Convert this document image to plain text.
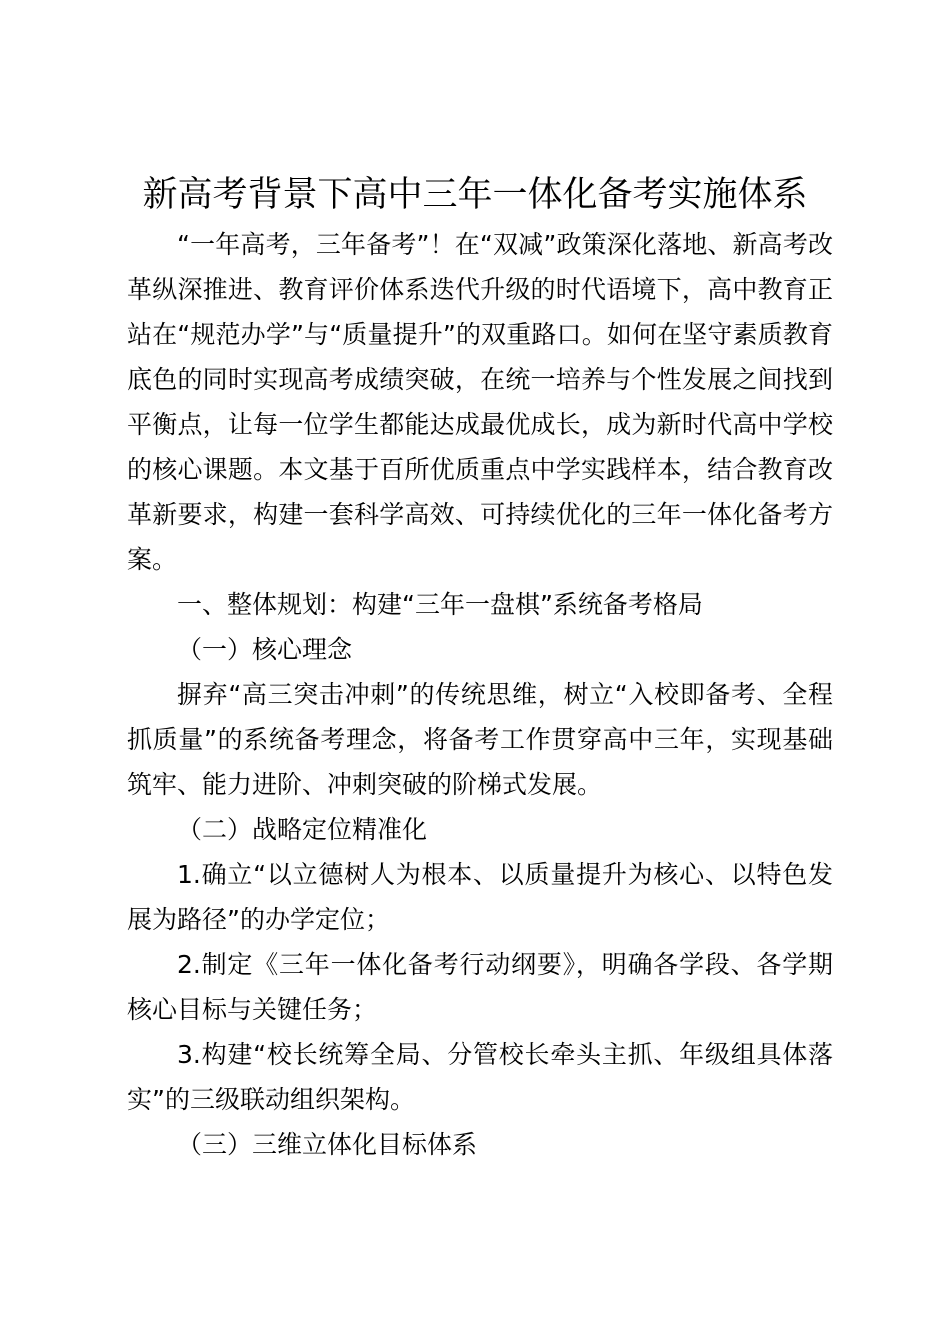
新高考背景下高中三年一体化备考实施体系

“一年高考，三年备考”！在“双减”政策深化落地、新高考改革纵深推进、教育评价体系迭代升级的时代语境下，高中教育正站在“规范办学”与“质量提升”的双重路口。如何在坚守素质教育底色的同时实现高考成绩突破，在统一培养与个性发展之间找到平衡点，让每一位学生都能达成最优成长，成为新时代高中学校的核心课题。本文基于百所优质重点中学实践样本，结合教育改革新要求，构建一套科学高效、可持续优化的三年一体化备考方案。

一、整体规划：构建“三年一盘棋”系统备考格局

（一）核心理念

摒弃“高三突击冲刺”的传统思维，树立“入校即备考、全程抓质量”的系统备考理念，将备考工作贯穿高中三年，实现基础筑牢、能力进阶、冲刺突破的阶梯式发展。

（二）战略定位精准化

1.确立“以立德树人为根本、以质量提升为核心、以特色发展为路径”的办学定位；

2.制定《三年一体化备考行动纲要》，明确各学段、各学期核心目标与关键任务；

3.构建“校长统筹全局、分管校长牵头主抓、年级组具体落实”的三级联动组织架构。

（三）三维立体化目标体系
